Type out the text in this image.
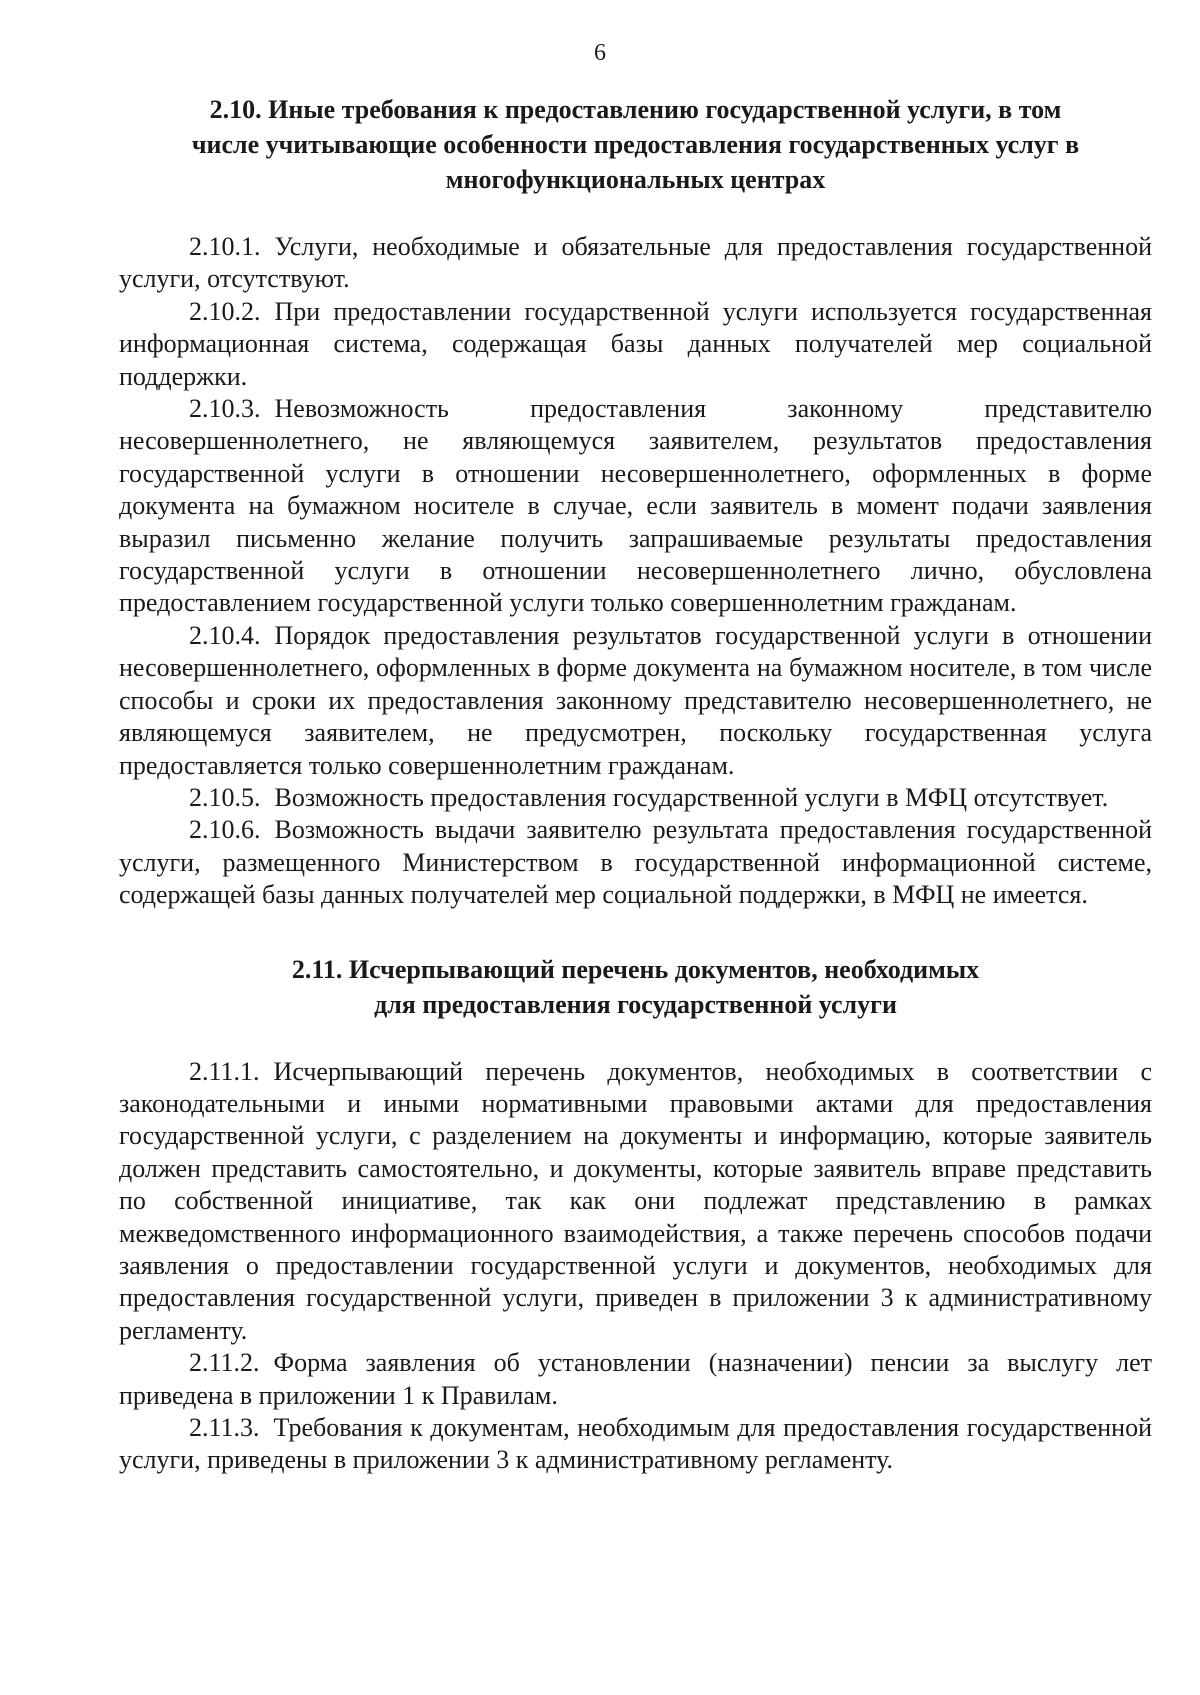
6
2.10. Иные требования к предоставлению государственной услуги, в том
числе учитывающие особенности предоставления государственных услуг в
многофункциональных центрах

2.10.1. Услуги, необходимые и обязательные для предоставления государственной услуги, отсутствуют.

2.10.2. При предоставлении государственной услуги используется государственная информационная система, содержащая базы данных получателей мер социальной поддержки.

2.10.3. Невозможность предоставления законному представителю несовершеннолетнего, не являющемуся заявителем, результатов предоставления государственной услуги в отношении несовершеннолетнего, оформленных в форме документа на бумажном носителе в случае, если заявитель в момент подачи заявления выразил письменно желание получить запрашиваемые результаты предоставления государственной услуги в отношении несовершеннолетнего лично, обусловлена предоставлением государственной услуги только совершеннолетним гражданам.

2.10.4. Порядок предоставления результатов государственной услуги в отношении несовершеннолетнего, оформленных в форме документа на бумажном носителе, в том числе способы и сроки их предоставления законному представителю несовершеннолетнего, не являющемуся заявителем, не предусмотрен, поскольку государственная услуга предоставляется только совершеннолетним гражданам.

2.10.5. Возможность предоставления государственной услуги в МФЦ отсутствует.

2.10.6. Возможность выдачи заявителю результата предоставления государственной услуги, размещенного Министерством в государственной информационной системе, содержащей базы данных получателей мер социальной поддержки, в МФЦ не имеется.

2.11. Исчерпывающий перечень документов, необходимых
для предоставления государственной услуги

2.11.1. Исчерпывающий перечень документов, необходимых в соответствии с законодательными и иными нормативными правовыми актами для предоставления государственной услуги, с разделением на документы и информацию, которые заявитель должен представить самостоятельно, и документы, которые заявитель вправе представить по собственной инициативе, так как они подлежат представлению в рамках межведомственного информационного взаимодействия, а также перечень способов подачи заявления о предоставлении государственной услуги и документов, необходимых для предоставления государственной услуги, приведен в приложении 3 к административному регламенту.

2.11.2. Форма заявления об установлении (назначении) пенсии за выслугу лет приведена в приложении 1 к Правилам.

2.11.3. Требования к документам, необходимым для предоставления государственной услуги, приведены в приложении 3 к административному регламенту.
